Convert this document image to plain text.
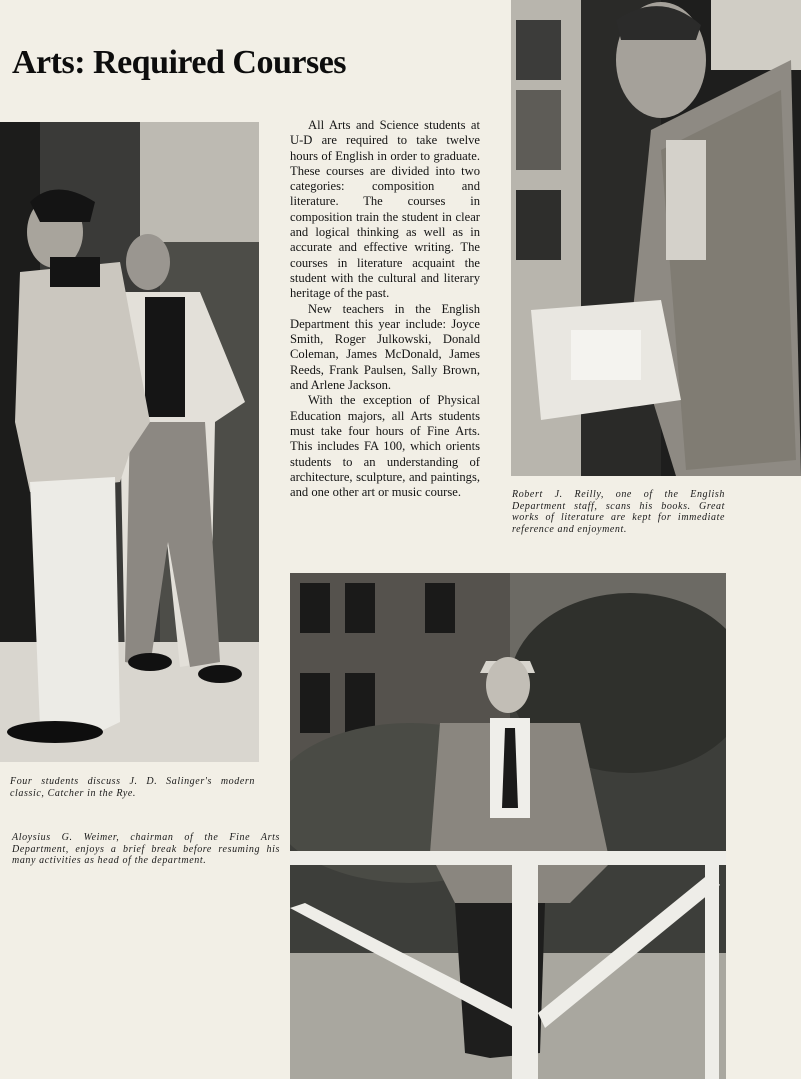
Arts: Required Courses

All Arts and Science students at U-D are required to take twelve hours of English in order to graduate. These courses are divided into two categories: composition and literature. The courses in composition train the student in clear and logical thinking as well as in accurate and effective writing. The courses in literature acquaint the student with the cultural and literary heritage of the past.

New teachers in the English Department this year include: Joyce Smith, Roger Julkowski, Donald Coleman, James McDonald, James Reeds, Frank Paulsen, Sally Brown, and Arlene Jackson.

With the exception of Physical Education majors, all Arts students must take four hours of Fine Arts. This includes FA 100, which orients students to an understanding of architecture, sculpture, and paintings, and one other art or music course.

Four students discuss J. D. Salinger's modern classic, Catcher in the Rye.
Aloysius G. Weimer, chairman of the Fine Arts Department, enjoys a brief break before resuming his many activities as head of the department.
Robert J. Reilly, one of the English Department staff, scans his books. Great works of literature are kept for immediate reference and enjoyment.
